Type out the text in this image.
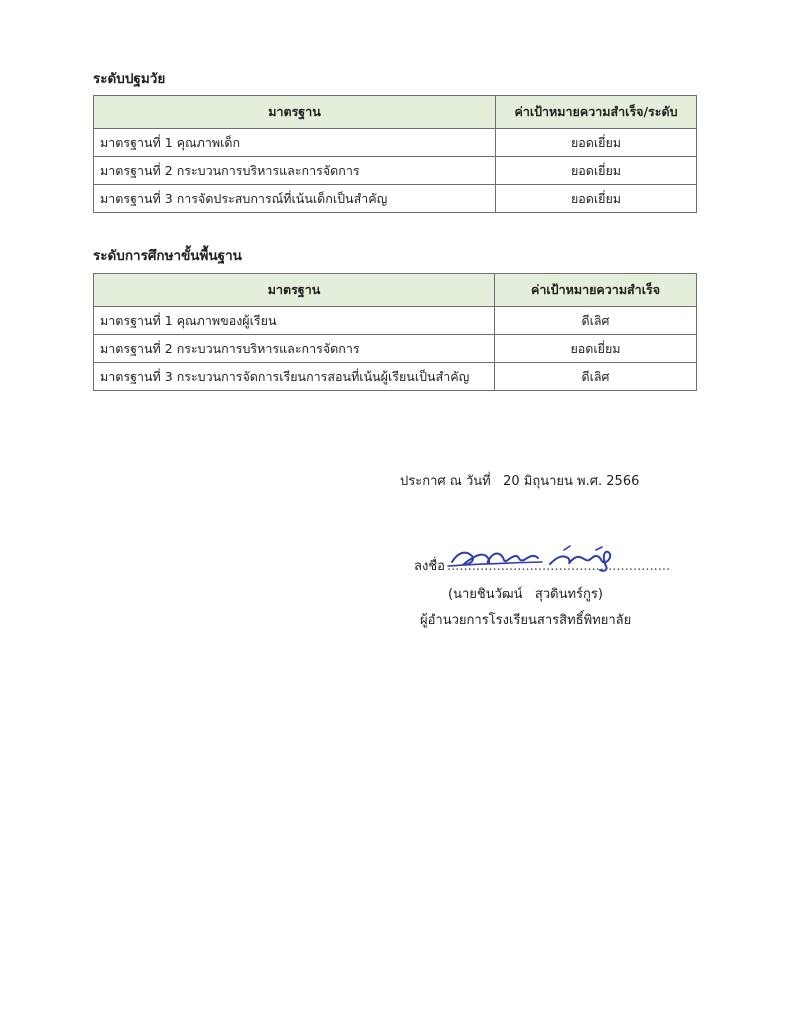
ระดับปฐมวัย
มาตรฐาน	ค่าเป้าหมายความสำเร็จ/ระดับ
มาตรฐานที่ 1 คุณภาพเด็ก	ยอดเยี่ยม
มาตรฐานที่ 2 กระบวนการบริหารและการจัดการ	ยอดเยี่ยม
มาตรฐานที่ 3 การจัดประสบการณ์ที่เน้นเด็กเป็นสำคัญ	ยอดเยี่ยม
ระดับการศึกษาขั้นพื้นฐาน
มาตรฐาน	ค่าเป้าหมายความสำเร็จ
มาตรฐานที่ 1 คุณภาพของผู้เรียน	ดีเลิศ
มาตรฐานที่ 2 กระบวนการบริหารและการจัดการ	ยอดเยี่ยม
มาตรฐานที่ 3 กระบวนการจัดการเรียนการสอนที่เน้นผู้เรียนเป็นสำคัญ	ดีเลิศ
ประกาศ ณ วันที่   20 มิถุนายน พ.ศ. 2566
ลงชื่อ ......................................................
(นายชินวัฒน์   สุวดินทร์กูร)
ผู้อำนวยการโรงเรียนสารสิทธิ์พิทยาลัย
